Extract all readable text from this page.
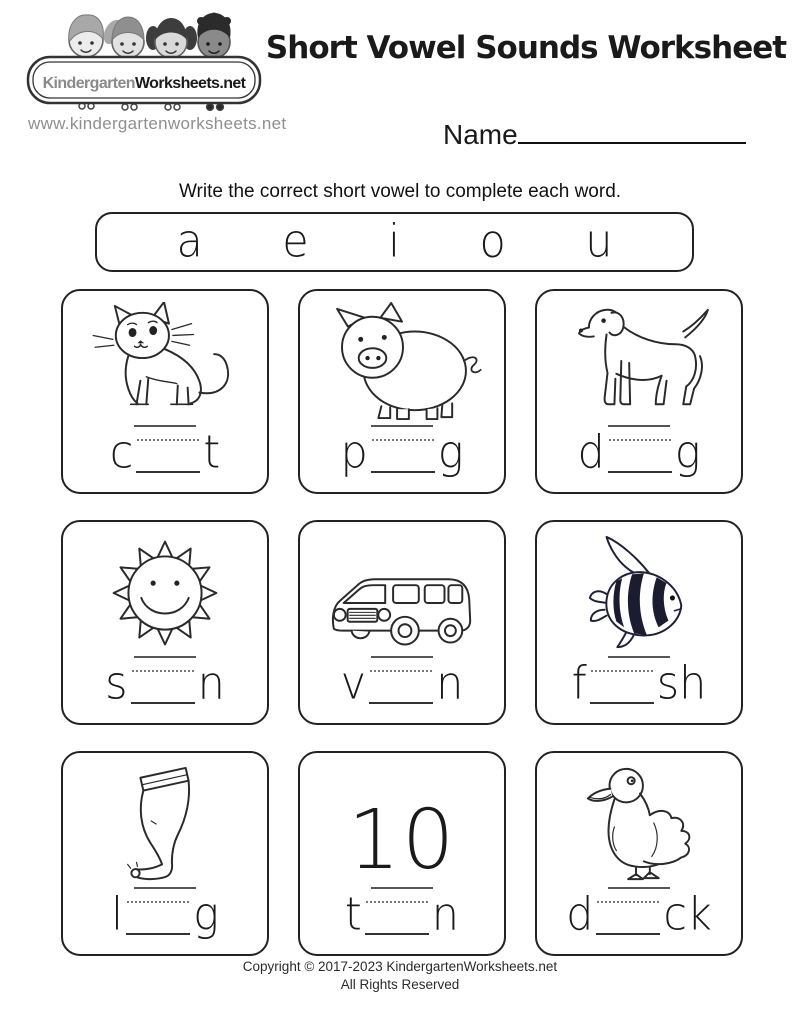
KindergartenWorksheets.net
www.kindergartenworksheets.net
Short Vowel Sounds Worksheet
Name
Write the correct short vowel to complete each word.
a e i o u
c t	p g	d g
s n	v n	f sh
l g
10
t n d ck
Copyright © 2017-2023 KindergartenWorksheets.net
All Rights Reserved
